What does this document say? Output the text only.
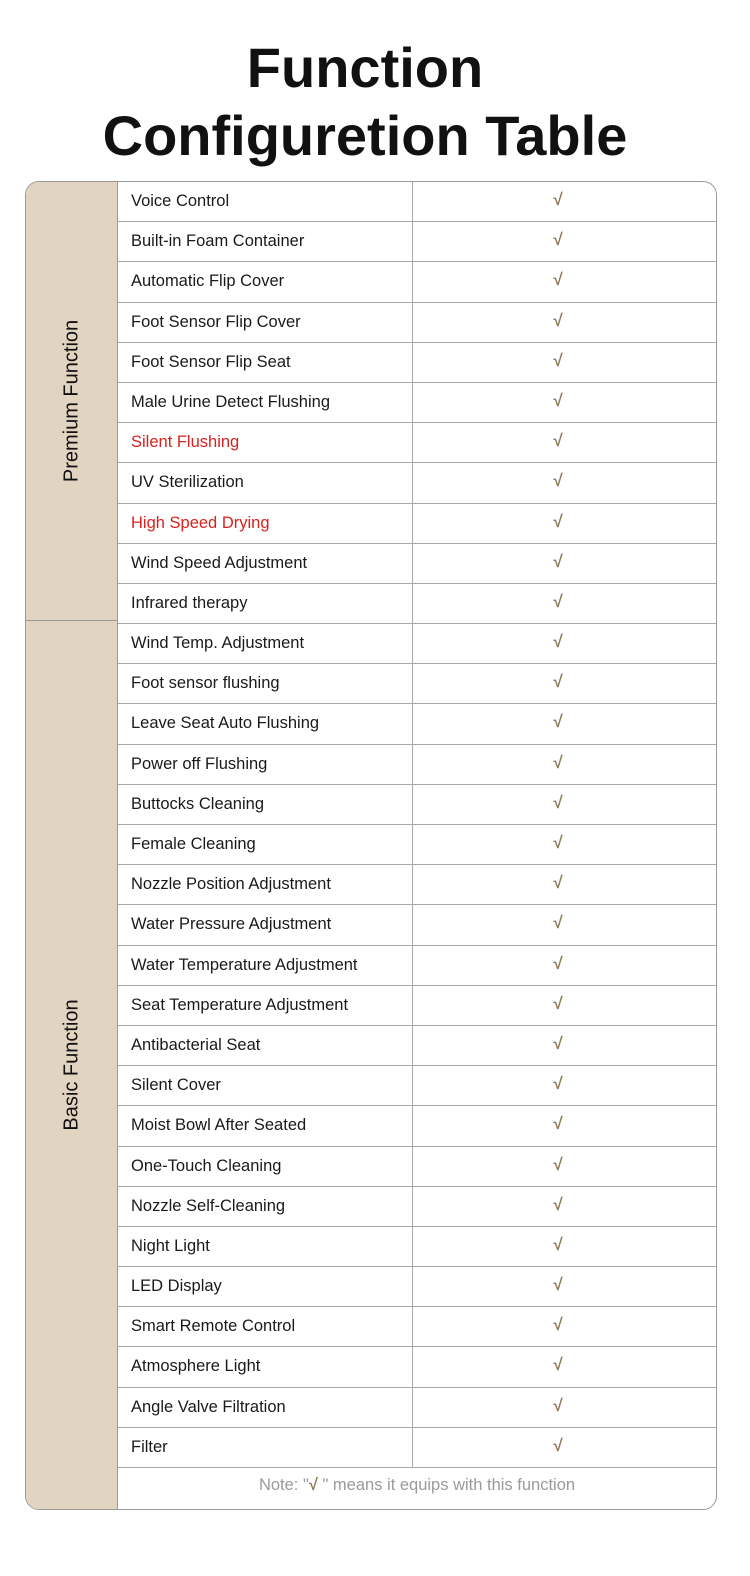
Function
Configuretion Table
Premium Function
Basic Function
Voice Control	√
Built-in Foam Container	√
Automatic Flip Cover	√
Foot Sensor Flip Cover	√
Foot Sensor Flip Seat	√
Male Urine Detect Flushing	√
Silent Flushing	√
UV Sterilization	√
High Speed Drying	√
Wind Speed Adjustment	√
Infrared therapy	√
Wind Temp. Adjustment	√
Foot sensor flushing	√
Leave Seat Auto Flushing	√
Power off Flushing	√
Buttocks Cleaning	√
Female Cleaning	√
Nozzle Position Adjustment	√
Water Pressure Adjustment	√
Water Temperature Adjustment	√
Seat Temperature Adjustment	√
Antibacterial Seat	√
Silent Cover	√
Moist Bowl After Seated	√
One-Touch Cleaning	√
Nozzle Self-Cleaning	√
Night Light	√
LED Display	√
Smart Remote Control	√
Atmosphere Light	√
Angle Valve Filtration	√
Filter	√
Note: "√ " means it equips with this function
